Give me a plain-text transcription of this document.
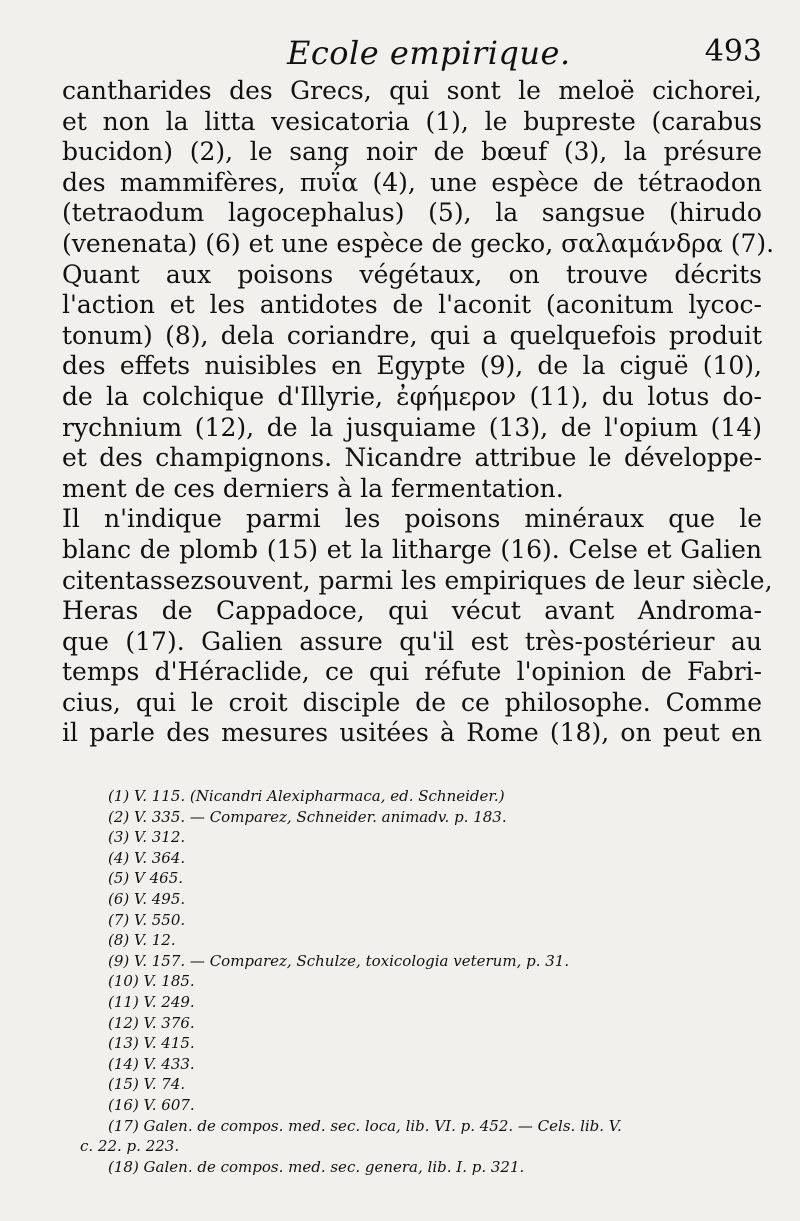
Ecole empirique.	493
cantharides des Grecs, qui sont le meloë cichorei,
et non la litta vesicatoria (1), le bupreste (carabus
bucidon) (2), le sang noir de bœuf (3), la présure
des mammifères, πυΐα (4), une espèce de tétraodon
(tetraodum lagocephalus) (5), la sangsue (hirudo
(venenata) (6) et une espèce de gecko, σαλαμάνδρα (7).
Quant aux poisons végétaux, on trouve décrits
l'action et les antidotes de l'aconit (aconitum lycoc-
tonum) (8), dela coriandre, qui a quelquefois produit
des effets nuisibles en Egypte (9), de la ciguë (10),
de la colchique d'Illyrie, ἐφήμερον (11), du lotus do-
rychnium (12), de la jusquiame (13), de l'opium (14)
et des champignons. Nicandre attribue le développe-
ment de ces derniers à la fermentation.
Il n'indique parmi les poisons minéraux que le
blanc de plomb (15) et la litharge (16). Celse et Galien
citentassezsouvent, parmi les empiriques de leur siècle,
Heras de Cappadoce, qui vécut avant Androma-
que (17). Galien assure qu'il est très-postérieur au
temps d'Héraclide, ce qui réfute l'opinion de Fabri-
cius, qui le croit disciple de ce philosophe. Comme
il parle des mesures usitées à Rome (18), on peut en
(1) V. 115. (Nicandri Alexipharmaca, ed. Schneider.)
(2) V. 335. — Comparez, Schneider. animadv. p. 183.
(3) V. 312.
(4) V. 364.
(5) V 465.
(6) V. 495.
(7) V. 550.
(8) V. 12.
(9) V. 157. — Comparez, Schulze, toxicologia veterum, p. 31.
(10) V. 185.
(11) V. 249.
(12) V. 376.
(13) V. 415.
(14) V. 433.
(15) V. 74.
(16) V. 607.
(17) Galen. de compos. med. sec. loca, lib. VI. p. 452. — Cels. lib. V.
c. 22. p. 223.
(18) Galen. de compos. med. sec. genera, lib. I. p. 321.
